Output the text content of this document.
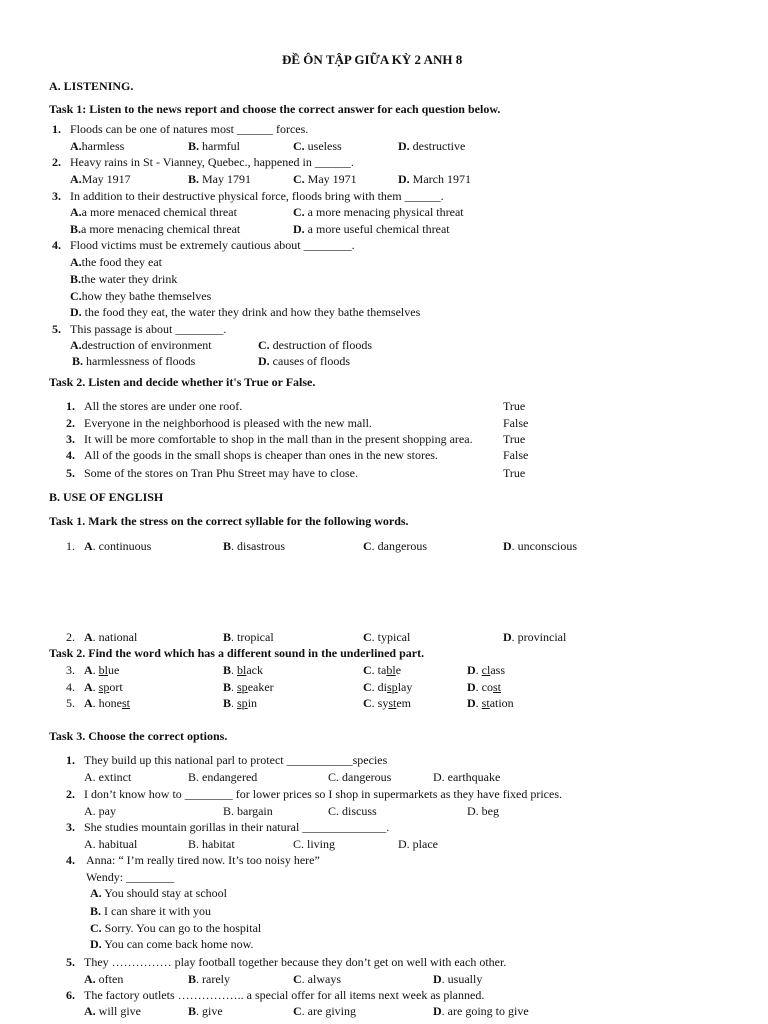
ĐỀ ÔN TẬP GIỮA KỲ 2 ANH 8
A. LISTENING.
Task 1: Listen to the news report and choose the correct answer for each question below.
1. Floods can be one of natures most ______ forces.
A.harmless	B. harmful	C. useless	D. destructive
2. Heavy rains in St - Vianney, Quebec., happened in ______.
A.May 1917	B. May 1791	C. May 1971	D. March 1971
3. In addition to their destructive physical force, floods bring with them ______.
A.a more menaced chemical threat	C. a more menacing physical threat
B.a more menacing chemical threat	D. a more useful chemical threat
4. Flood victims must be extremely cautious about ________.
A.the food they eat
B.the water they drink
C.how they bathe themselves
D. the food they eat, the water they drink and how they bathe themselves
5. This passage is about ________.
A.destruction of environment	C. destruction of floods
B. harmlessness of floods	D. causes of floods
Task 2. Listen and decide whether it's True or False.
1. All the stores are under one roof.	True
2. Everyone in the neighborhood is pleased with the new mall.	False
3. It will be more comfortable to shop in the mall than in the present shopping area.	True
4. All of the goods in the small shops is cheaper than ones in the new stores.	False
5. Some of the stores on Tran Phu Street may have to close.	True
B. USE OF ENGLISH
Task 1. Mark the stress on the correct syllable for the following words.
1. A. continuous	B. disastrous	C. dangerous	D. unconscious
2. A. national	B. tropical	C. typical	D. provincial
Task 2. Find the word which has a different sound in the underlined part.
3. A. blue	B. black	C. table	D. class
4. A. sport	B. speaker	C. display	D. cost
5. A. honest	B. spin	C. system	D. station
Task 3. Choose the correct options.
1. They build up this national parl to protect ___________species
A. extinct	B. endangered	C. dangerous	D. earthquake
2. I don’t know how to ________ for lower prices so I shop in supermarkets as they have fixed prices.
A. pay	B. bargain	C. discuss	D. beg
3. She studies mountain gorillas in their natural ______________.
A. habitual	B. habitat	C. living	D. place
4. Anna: “ I’m really tired now. It’s too noisy here”
Wendy: ________
A. You should stay at school
B. I can share it with you
C. Sorry. You can go to the hospital
D. You can come back home now.
5. They …………… play football together because they don’t get on well with each other.
A. often	B. rarely	C. always	D. usually
6. The factory outlets …………….. a special offer for all items next week as planned.
A. will give	B. give	C. are giving	D. are going to give
